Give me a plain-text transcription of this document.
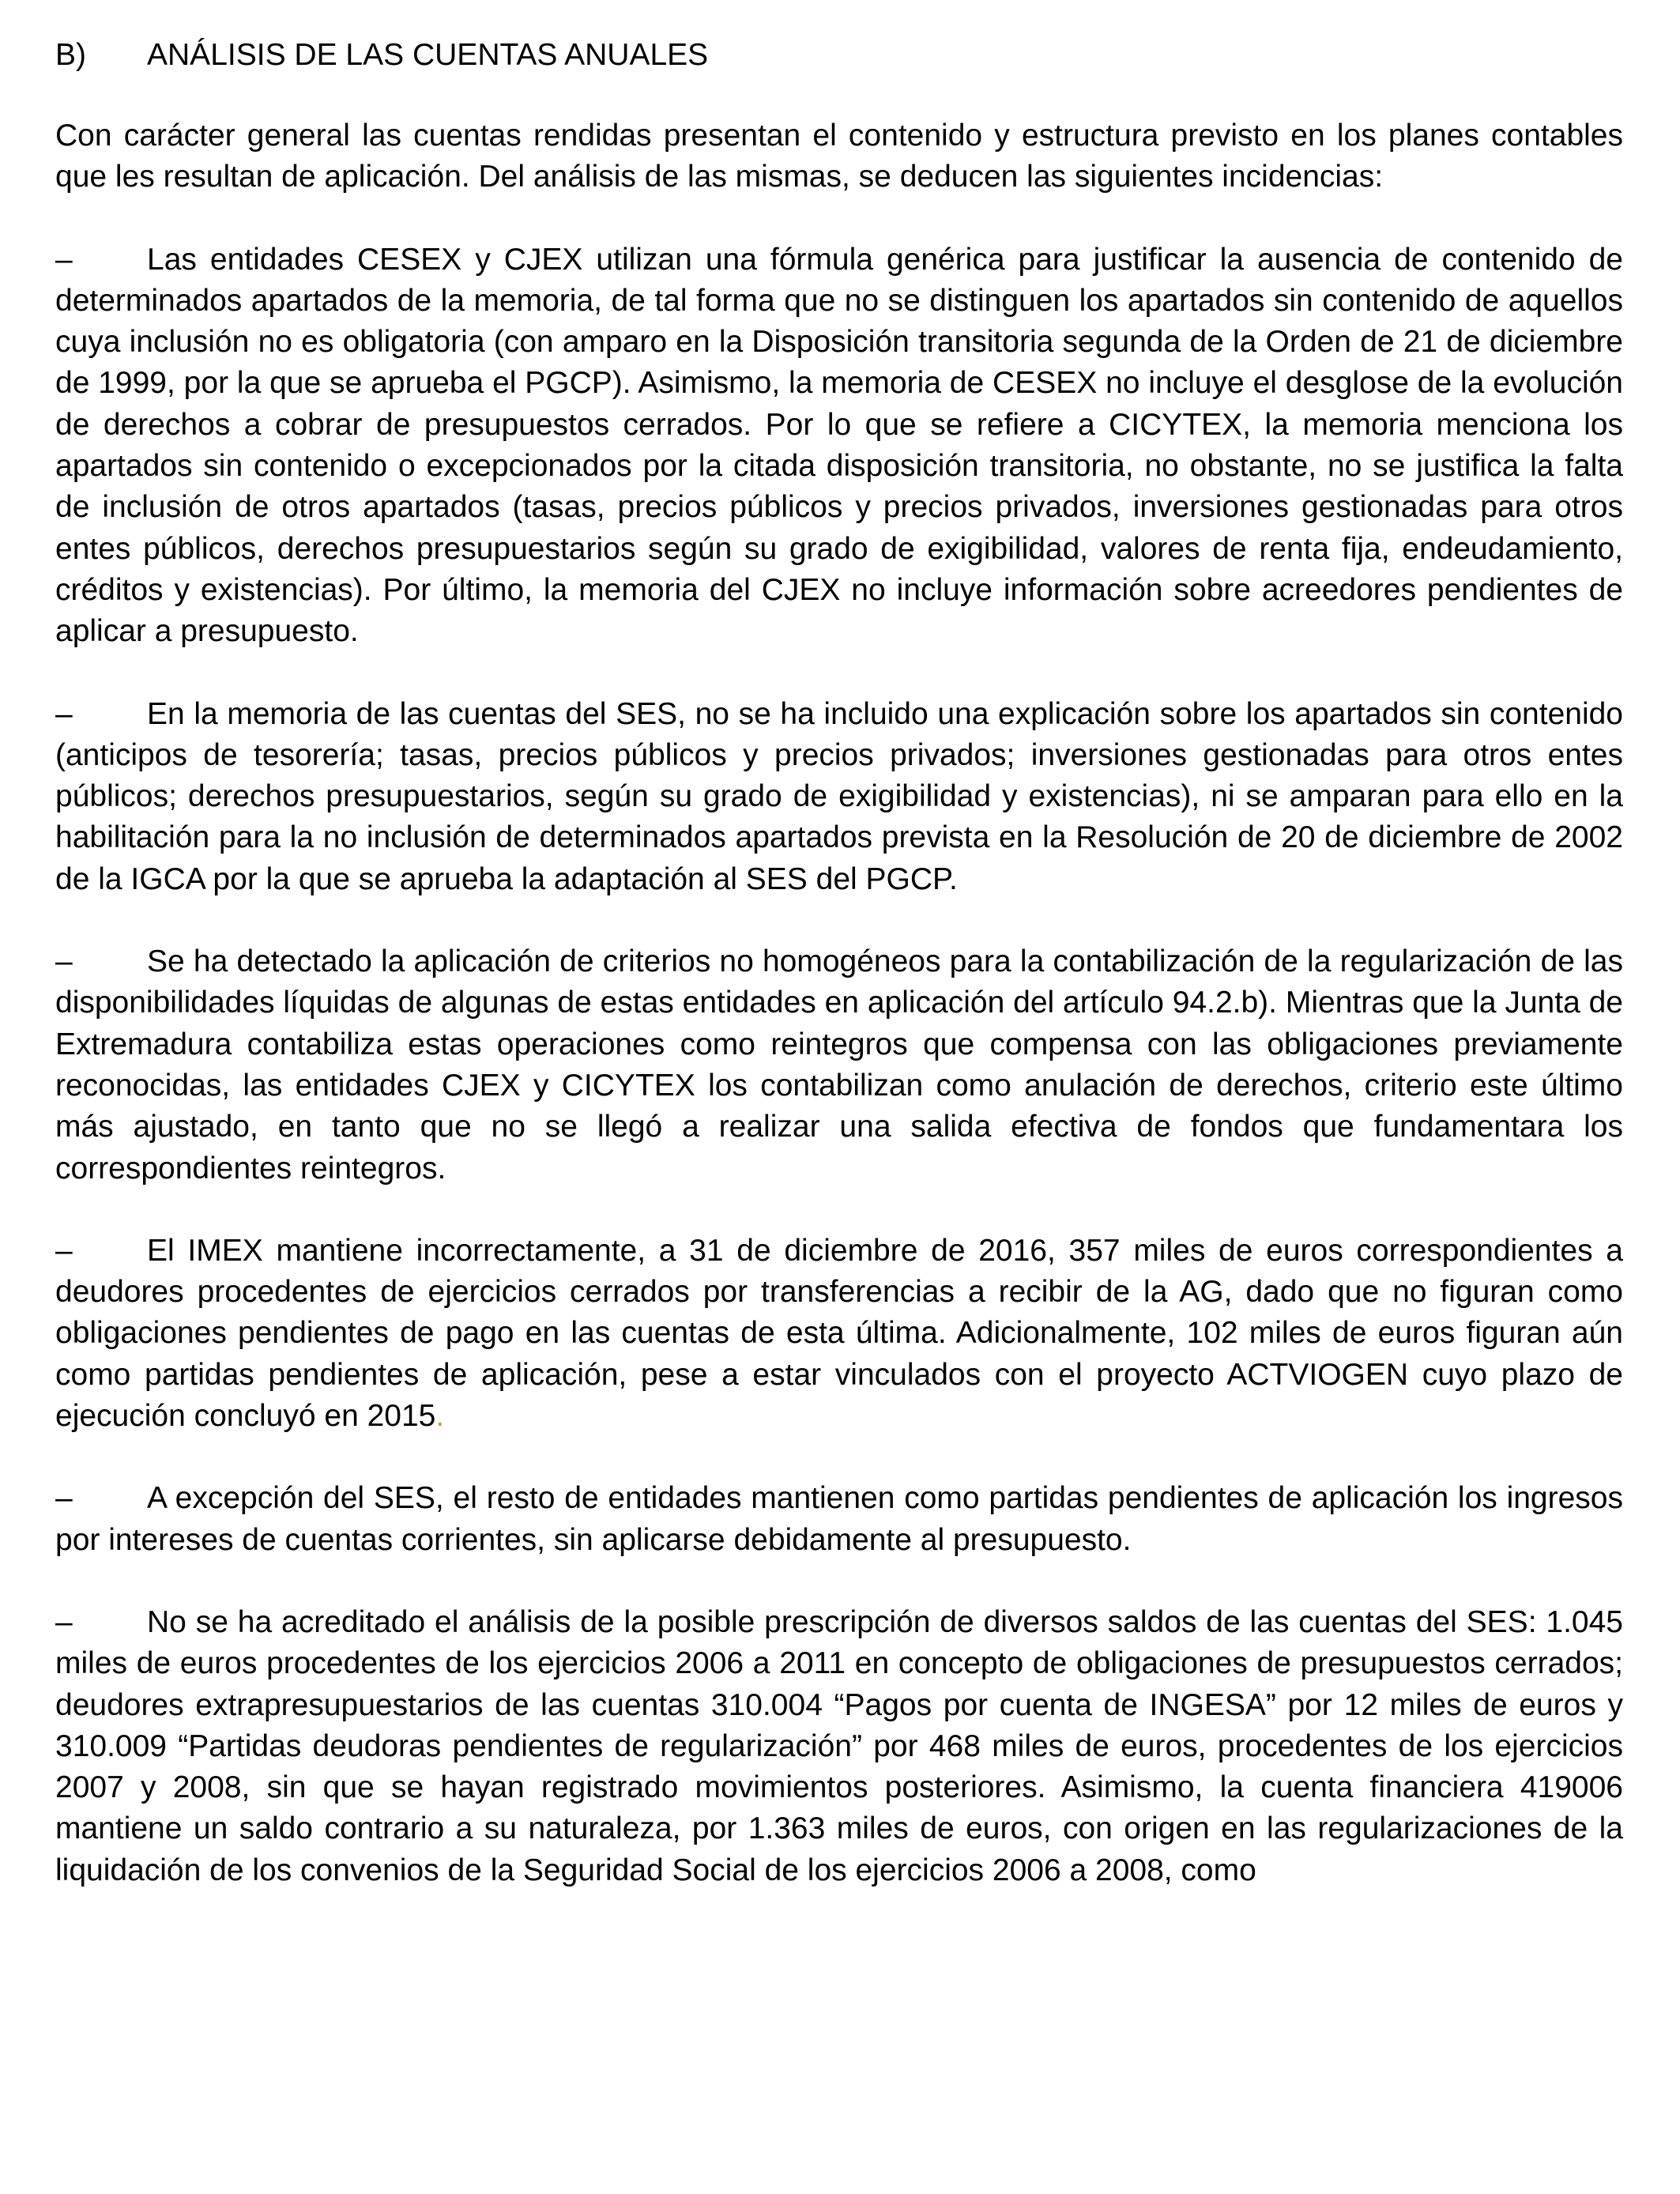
B)	ANÁLISIS DE LAS CUENTAS ANUALES

Con carácter general las cuentas rendidas presentan el contenido y estructura previsto en los planes contables que les resultan de aplicación. Del análisis de las mismas, se deducen las siguientes incidencias:

– Las entidades CESEX y CJEX utilizan una fórmula genérica para justificar la ausencia de contenido de determinados apartados de la memoria, de tal forma que no se distinguen los apartados sin contenido de aquellos cuya inclusión no es obligatoria (con amparo en la Disposición transitoria segunda de la Orden de 21 de diciembre de 1999, por la que se aprueba el PGCP). Asimismo, la memoria de CESEX no incluye el desglose de la evolución de derechos a cobrar de presupuestos cerrados. Por lo que se refiere a CICYTEX, la memoria menciona los apartados sin contenido o excepcionados por la citada disposición transitoria, no obstante, no se justifica la falta de inclusión de otros apartados (tasas, precios públicos y precios privados, inversiones gestionadas para otros entes públicos, derechos presupuestarios según su grado de exigibilidad, valores de renta fija, endeudamiento, créditos y existencias). Por último, la memoria del CJEX no incluye información sobre acreedores pendientes de aplicar a presupuesto.

– En la memoria de las cuentas del SES, no se ha incluido una explicación sobre los apartados sin contenido (anticipos de tesorería; tasas, precios públicos y precios privados; inversiones gestionadas para otros entes públicos; derechos presupuestarios, según su grado de exigibilidad y existencias), ni se amparan para ello en la habilitación para la no inclusión de determinados apartados prevista en la Resolución de 20 de diciembre de 2002 de la IGCA por la que se aprueba la adaptación al SES del PGCP.

– Se ha detectado la aplicación de criterios no homogéneos para la contabilización de la regularización de las disponibilidades líquidas de algunas de estas entidades en aplicación del artículo 94.2.b). Mientras que la Junta de Extremadura contabiliza estas operaciones como reintegros que compensa con las obligaciones previamente reconocidas, las entidades CJEX y CICYTEX los contabilizan como anulación de derechos, criterio este último más ajustado, en tanto que no se llegó a realizar una salida efectiva de fondos que fundamentara los correspondientes reintegros.

– El IMEX mantiene incorrectamente, a 31 de diciembre de 2016, 357 miles de euros correspondientes a deudores procedentes de ejercicios cerrados por transferencias a recibir de la AG, dado que no figuran como obligaciones pendientes de pago en las cuentas de esta última. Adicionalmente, 102 miles de euros figuran aún como partidas pendientes de aplicación, pese a estar vinculados con el proyecto ACTVIOGEN cuyo plazo de ejecución concluyó en 2015.

– A excepción del SES, el resto de entidades mantienen como partidas pendientes de aplicación los ingresos por intereses de cuentas corrientes, sin aplicarse debidamente al presupuesto.

– No se ha acreditado el análisis de la posible prescripción de diversos saldos de las cuentas del SES: 1.045 miles de euros procedentes de los ejercicios 2006 a 2011 en concepto de obligaciones de presupuestos cerrados; deudores extrapresupuestarios de las cuentas 310.004 “Pagos por cuenta de INGESA” por 12 miles de euros y 310.009 “Partidas deudoras pendientes de regularización” por 468 miles de euros, procedentes de los ejercicios 2007 y 2008, sin que se hayan registrado movimientos posteriores. Asimismo, la cuenta financiera 419006 mantiene un saldo contrario a su naturaleza, por 1.363 miles de euros, con origen en las regularizaciones de la liquidación de los convenios de la Seguridad Social de los ejercicios 2006 a 2008, como
